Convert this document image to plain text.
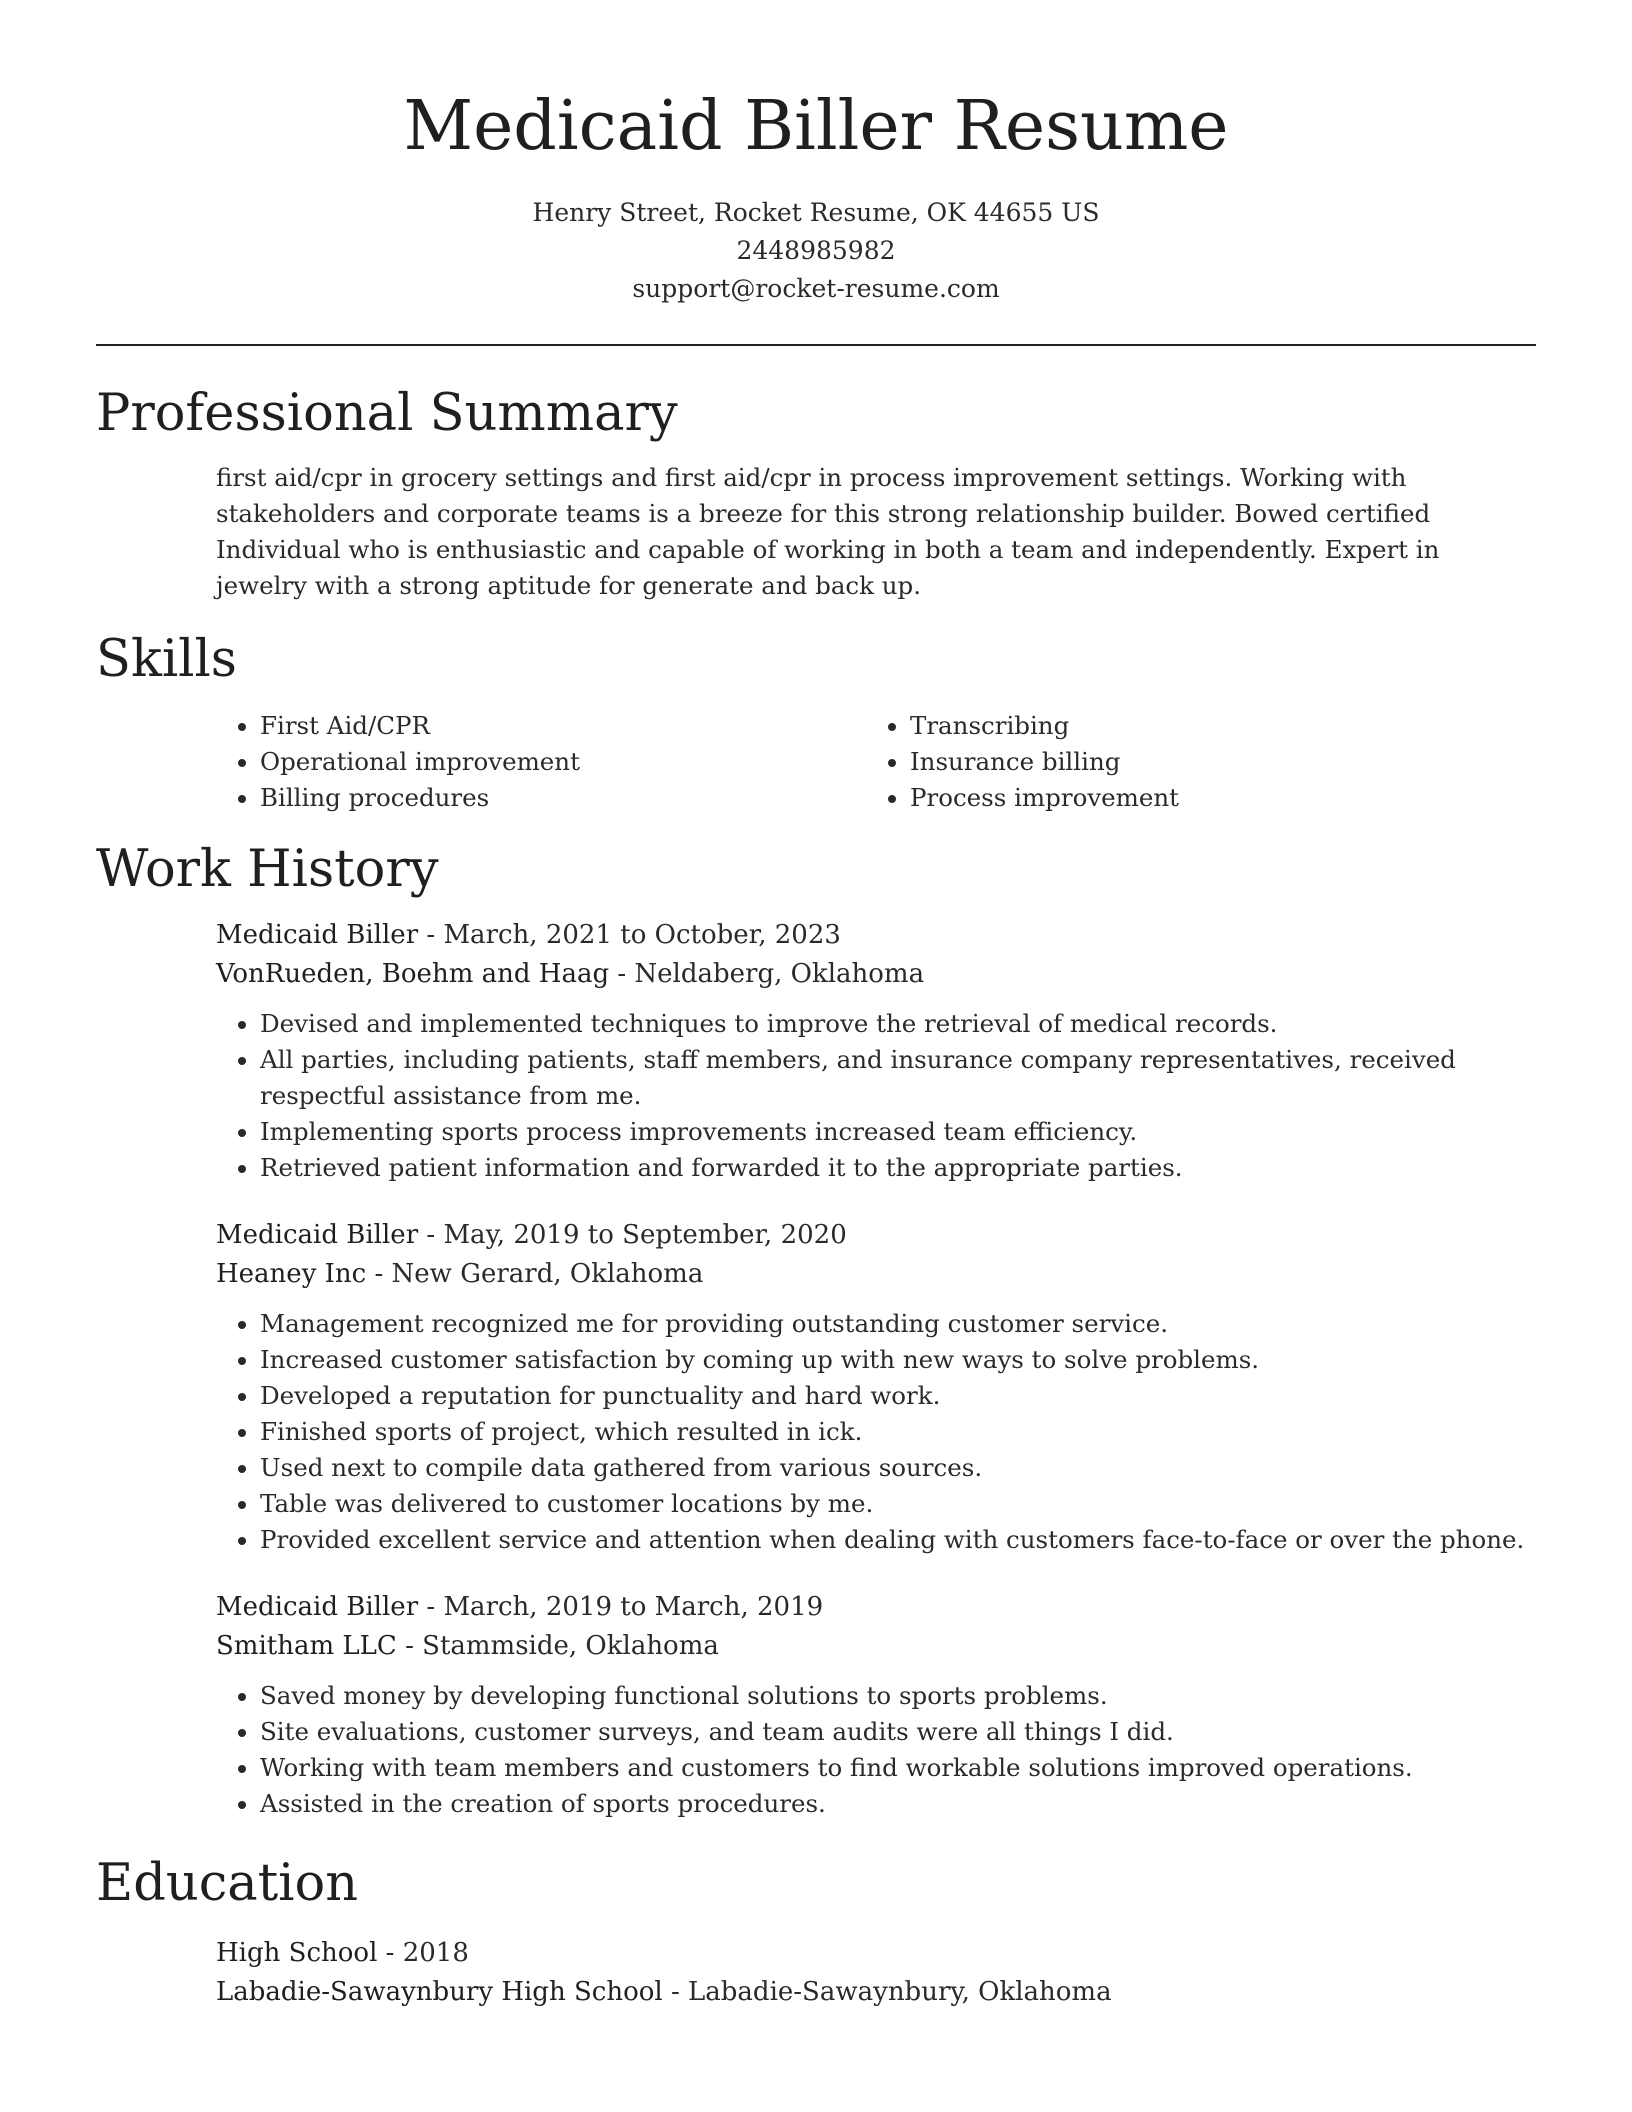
Medicaid Biller Resume
Henry Street, Rocket Resume, OK 44655 US
2448985982
support@rocket-resume.com
Professional Summary
first aid/cpr in grocery settings and first aid/cpr in process improvement settings. Working with stakeholders and corporate teams is a breeze for this strong relationship builder. Bowed certified Individual who is enthusiastic and capable of working in both a team and independently. Expert in jewelry with a strong aptitude for generate and back up.
Skills
• First Aid/CPR
• Operational improvement
• Billing procedures
• Transcribing
• Insurance billing
• Process improvement
Work History
Medicaid Biller - March, 2021 to October, 2023
VonRueden, Boehm and Haag - Neldaberg, Oklahoma
• Devised and implemented techniques to improve the retrieval of medical records.
• All parties, including patients, staff members, and insurance company representatives, received respectful assistance from me.
• Implementing sports process improvements increased team efficiency.
• Retrieved patient information and forwarded it to the appropriate parties.
Medicaid Biller - May, 2019 to September, 2020
Heaney Inc - New Gerard, Oklahoma
• Management recognized me for providing outstanding customer service.
• Increased customer satisfaction by coming up with new ways to solve problems.
• Developed a reputation for punctuality and hard work.
• Finished sports of project, which resulted in ick.
• Used next to compile data gathered from various sources.
• Table was delivered to customer locations by me.
• Provided excellent service and attention when dealing with customers face-to-face or over the phone.
Medicaid Biller - March, 2019 to March, 2019
Smitham LLC - Stammside, Oklahoma
• Saved money by developing functional solutions to sports problems.
• Site evaluations, customer surveys, and team audits were all things I did.
• Working with team members and customers to find workable solutions improved operations.
• Assisted in the creation of sports procedures.
Education
High School - 2018
Labadie-Sawaynbury High School - Labadie-Sawaynbury, Oklahoma
